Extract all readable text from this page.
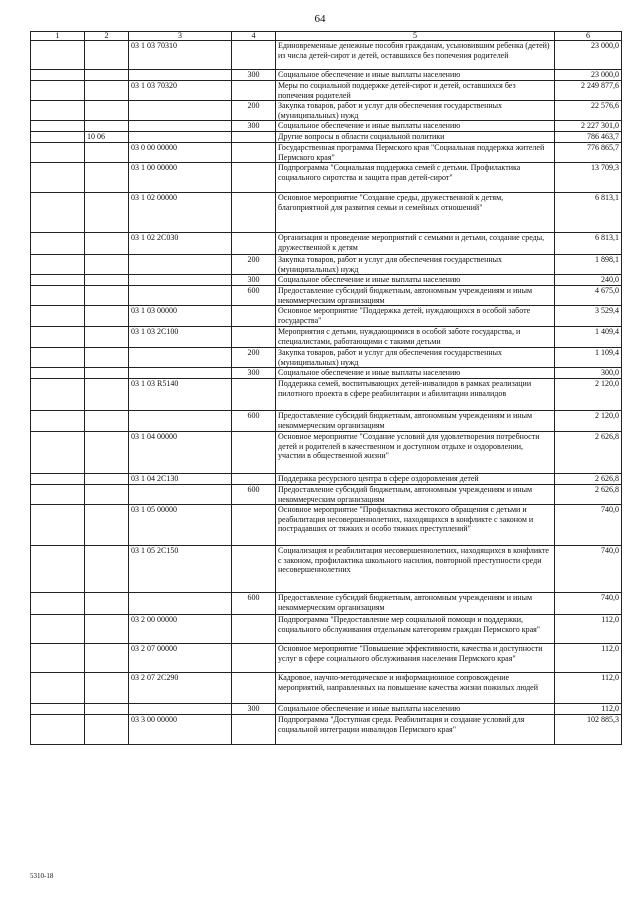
64
1	2	3	4	5	6
		03 1 03 70310		Единовременные денежные пособия гражданам, усыновившим ребенка (детей) из числа детей-сирот и детей, оставшихся без попечения родителей	23 000,0
			300	Социальное обеспечение и иные выплаты населению	23 000,0
		03 1 03 70320		Меры по социальной поддержке детей-сирот и детей, оставшихся без попечения родителей	2 249 877,6
			200	Закупка товаров, работ и услуг для обеспечения государственных (муниципальных) нужд	22 576,6
			300	Социальное обеспечение и иные выплаты населению	2 227 301,0
	10 06			Другие вопросы в области социальной политики	786 463,7
		03 0 00 00000		Государственная программа Пермского края "Социальная поддержка жителей Пермского края"	776 865,7
		03 1 00 00000		Подпрограмма "Социальная поддержка семей с детьми. Профилактика социального сиротства и защита прав детей-сирот"	13 709,3
		03 1 02 00000		Основное мероприятие "Создание среды, дружественной к детям, благоприятной для развития семьи и семейных отношений"	6 813,1
		03 1 02 2С030		Организация и проведение мероприятий с семьями и детьми, создание среды, дружественной к детям	6 813,1
			200	Закупка товаров, работ и услуг для обеспечения государственных (муниципальных) нужд	1 898,1
			300	Социальное обеспечение и иные выплаты населению	240,0
			600	Предоставление субсидий бюджетным, автономным учреждениям и иным некоммерческим организациям	4 675,0
		03 1 03 00000		Основное мероприятие "Поддержка детей, нуждающихся в особой заботе государства"	3 529,4
		03 1 03 2С100		Мероприятия с детьми, нуждающимися в особой заботе государства, и специалистами, работающими с такими детьми	1 409,4
			200	Закупка товаров, работ и услуг для обеспечения государственных (муниципальных) нужд	1 109,4
			300	Социальное обеспечение и иные выплаты населению	300,0
		03 1 03 R5140		Поддержка семей, воспитывающих детей-инвалидов в рамках реализации пилотного проекта в сфере реабилитации и абилитации инвалидов	2 120,0
			600	Предоставление субсидий бюджетным, автономным учреждениям и иным некоммерческим организациям	2 120,0
		03 1 04 00000		Основное мероприятие "Создание условий для удовлетворения потребности детей и родителей в качественном и доступном отдыхе и оздоровлении, участии в общественной жизни"	2 626,8
		03 1 04 2С130		Поддержка ресурсного центра в сфере оздоровления детей	2 626,8
			600	Предоставление субсидий бюджетным, автономным учреждениям и иным некоммерческим организациям	2 626,8
		03 1 05 00000		Основное мероприятие "Профилактика жестокого обращения с детьми и реабилитация несовершеннолетних, находящихся в конфликте с законом и пострадавших от тяжких и особо тяжких преступлений"	740,0
		03 1 05 2С150		Социализация и реабилитация несовершеннолетних, находящихся в конфликте с законом, профилактика школьного насилия, повторной преступности среди несовершеннолетних	740,0
			600	Предоставление субсидий бюджетным, автономным учреждениям и иным некоммерческим организациям	740,0
		03 2 00 00000		Подпрограмма "Предоставление мер социальной помощи и поддержки, социального обслуживания отдельным категориям граждан Пермского края"	112,0
		03 2 07 00000		Основное мероприятие "Повышение эффективности, качества и доступности услуг в сфере социального обслуживания населения Пермского края"	112,0
		03 2 07 2С290		Кадровое, научно-методическое и информационное сопровождение мероприятий, направленных на повышение качества жизни пожилых людей	112,0
			300	Социальное обеспечение и иные выплаты населению	112,0
		03 3 00 00000		Подпрограмма "Доступная среда. Реабилитация и создание условий для социальной интеграции инвалидов Пермского края"	102 885,3
5310-18
